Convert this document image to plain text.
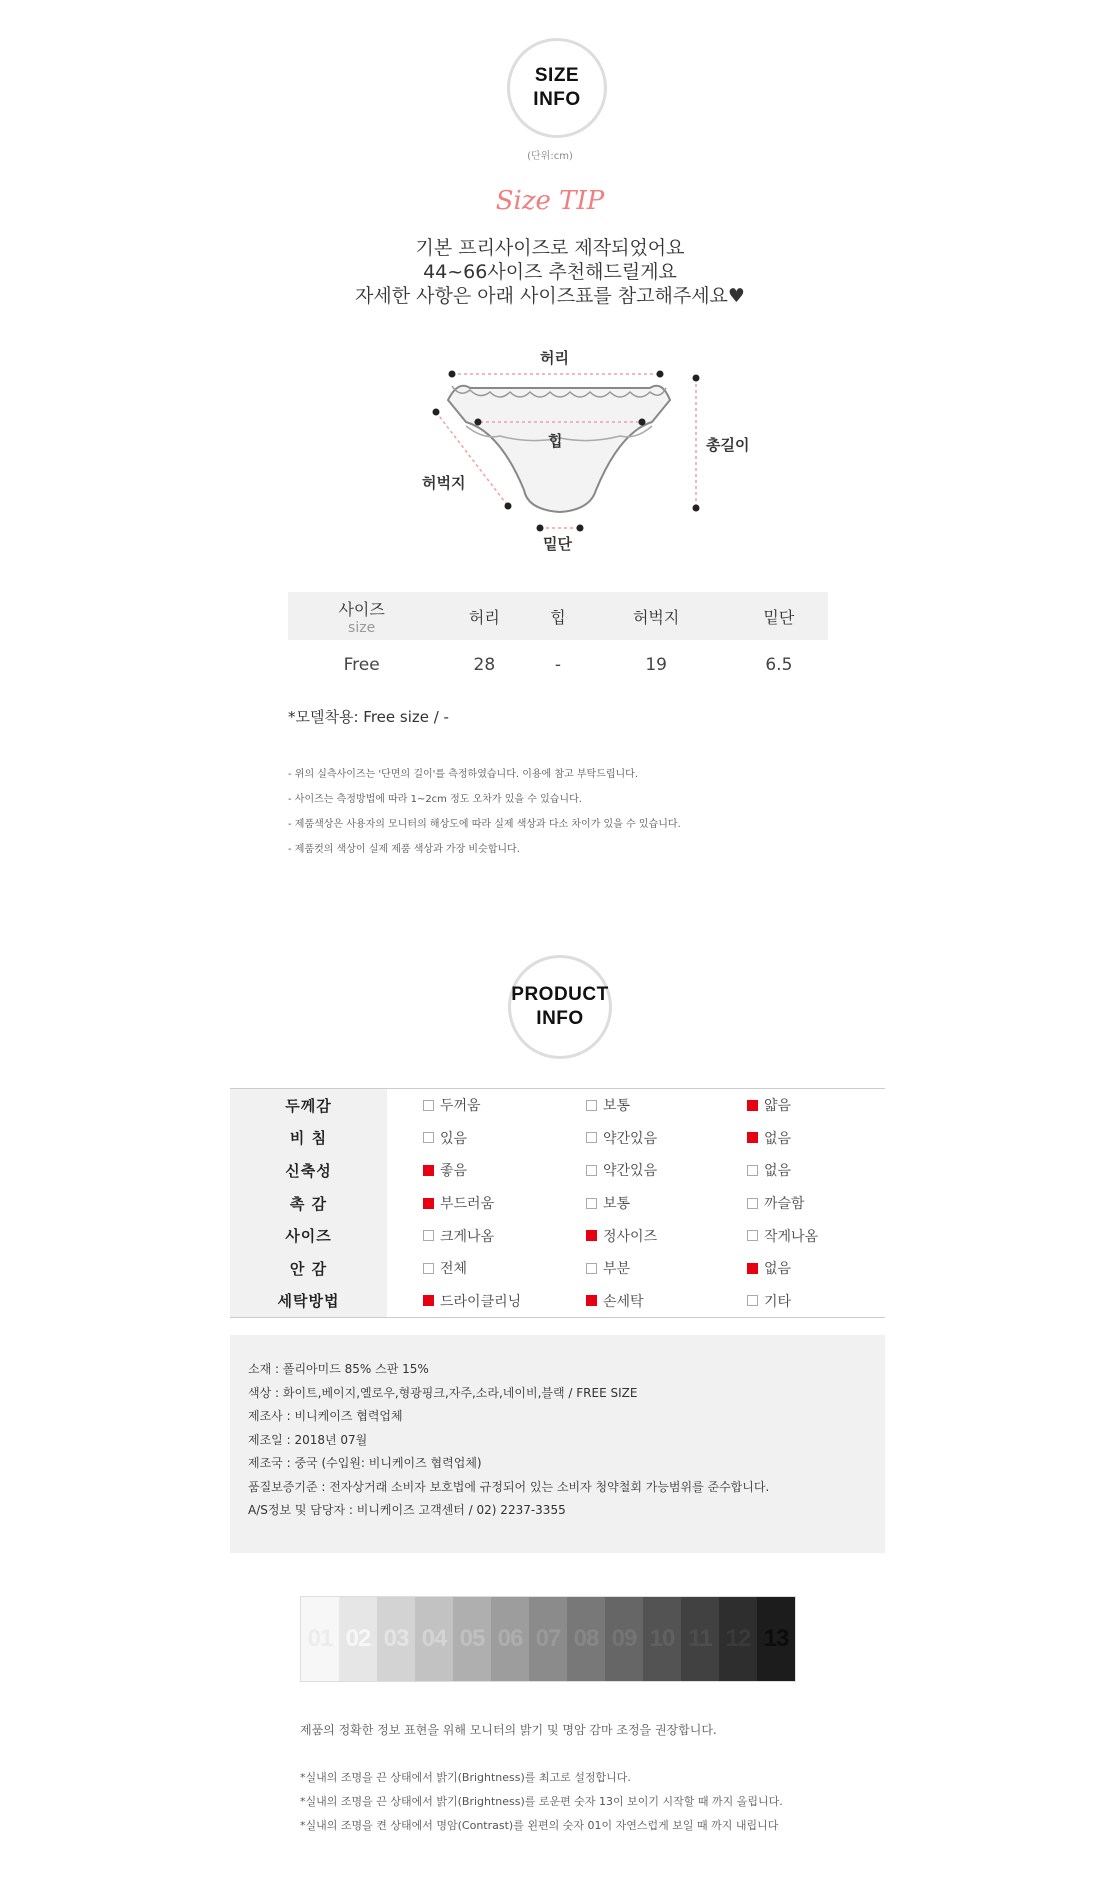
SIZE
INFO
(단위:cm)
Size TIP
기본 프리사이즈로 제작되었어요
44~66사이즈 추천해드릴게요
자세한 사항은 아래 사이즈표를 참고해주세요♥
허리
힙
허벅지
밑단
총길이
사이즈
size	허리	힙	허벅지	밑단
Free	28	-	19	6.5
*모델착용: Free size / -
- 위의 실측사이즈는 '단면의 길이'를 측정하였습니다. 이용에 참고 부탁드립니다.
- 사이즈는 측정방법에 따라 1~2cm 정도 오차가 있을 수 있습니다.
- 제품색상은 사용자의 모니터의 해상도에 따라 실제 색상과 다소 차이가 있을 수 있습니다.
- 제품컷의 색상이 실제 제품 색상과 가장 비슷합니다.
PRODUCT
INFO
두께감	두꺼움	보통	얇음
비 침	있음	약간있음	없음
신축성	좋음	약간있음	없음
촉 감	부드러움	보통	까슬함
사이즈	크게나옴	정사이즈	작게나옴
안 감	전체	부분	없음
세탁방법	드라이클리닝	손세탁	기타
소재 : 폴리아미드 85% 스판 15%
색상 : 화이트,베이지,옐로우,형광핑크,자주,소라,네이비,블랙 / FREE SIZE
제조사 : 비니케이즈 협력업체
제조일 : 2018년 07월
제조국 : 중국 (수입원: 비니케이즈 협력업체)
품질보증기준 : 전자상거래 소비자 보호법에 규정되어 있는 소비자 청약철회 가능범위를 준수합니다.
A/S정보 및 담당자 : 비니케이즈 고객센터 / 02) 2237-3355
01 02 03 04 05 06 07 08 09 10 11 12 13
제품의 정확한 정보 표현을 위해 모니터의 밝기 및 명암 감마 조정을 권장합니다.
*실내의 조명을 끈 상태에서 밝기(Brightness)를 최고로 설정합니다.
*실내의 조명을 끈 상태에서 밝기(Brightness)를 로운편 숫자 13이 보이기 시작할 때 까지 올립니다.
*실내의 조명을 켠 상태에서 명암(Contrast)를 왼편의 숫자 01이 자연스럽게 보일 때 까지 내립니다
